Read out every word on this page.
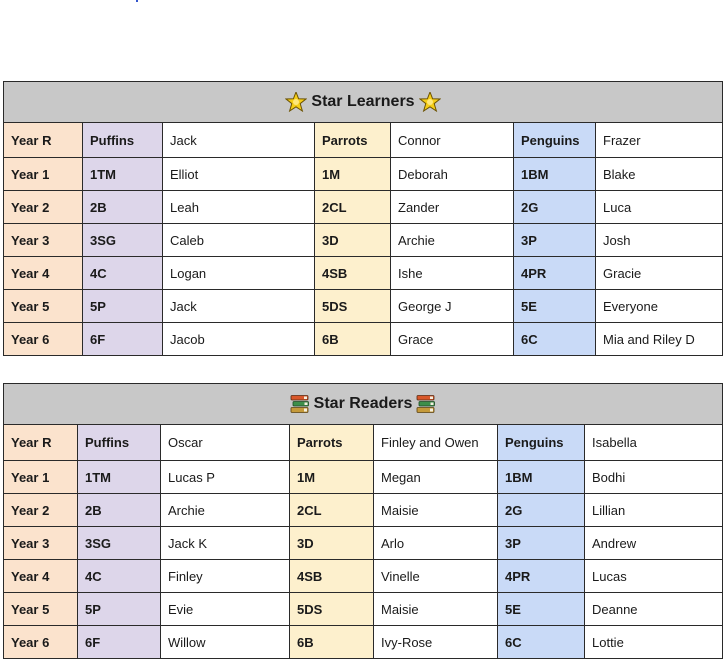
Star Learners						
Year R	Puffins	Jack	Parrots	Connor	Penguins	Frazer
Year 1	1TM	Elliot	1M	Deborah	1BM	Blake
Year 2	2B	Leah	2CL	Zander	2G	Luca
Year 3	3SG	Caleb	3D	Archie	3P	Josh
Year 4	4C	Logan	4SB	Ishe	4PR	Gracie
Year 5	5P	Jack	5DS	George J	5E	Everyone
Year 6	6F	Jacob	6B	Grace	6C	Mia and Riley D
Star Readers						
Year R	Puffins	Oscar	Parrots	Finley and Owen	Penguins	Isabella
Year 1	1TM	Lucas P	1M	Megan	1BM	Bodhi
Year 2	2B	Archie	2CL	Maisie	2G	Lillian
Year 3	3SG	Jack K	3D	Arlo	3P	Andrew
Year 4	4C	Finley	4SB	Vinelle	4PR	Lucas
Year 5	5P	Evie	5DS	Maisie	5E	Deanne
Year 6	6F	Willow	6B	Ivy-Rose	6C	Lottie
